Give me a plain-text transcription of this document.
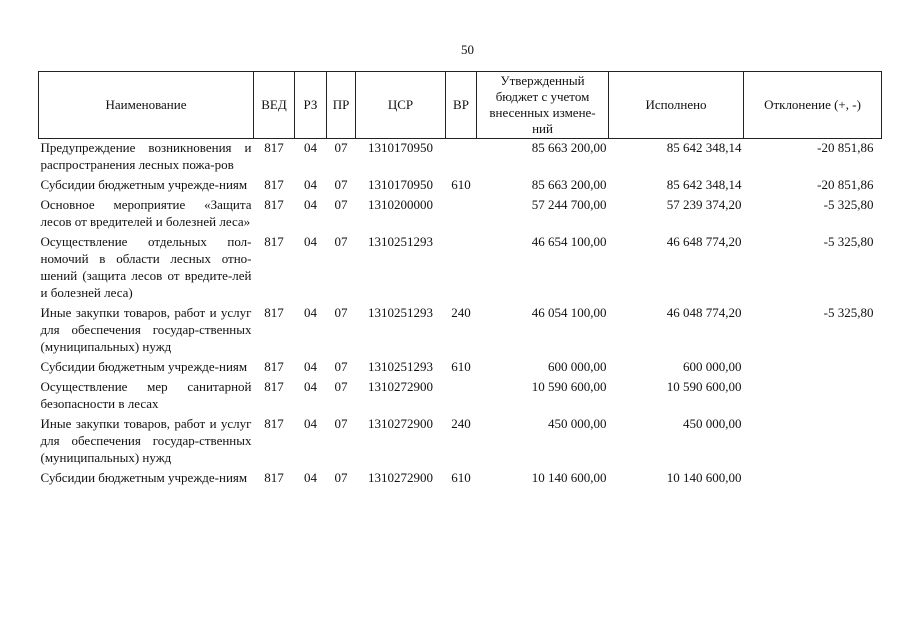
50
Наименование	ВЕД	РЗ	ПР	ЦСР	ВР	Утвержденный бюджет с учетом внесенных измене-ний	Исполнено	Отклонение (+, -)
Предупреждение возникновения и распространения лесных пожа-ров	817	04	07	1310170950		85 663 200,00	85 642 348,14	-20 851,86
Субсидии бюджетным учрежде-ниям	817	04	07	1310170950	610	85 663 200,00	85 642 348,14	-20 851,86
Основное мероприятие «Защита лесов от вредителей и болезней леса»	817	04	07	1310200000		57 244 700,00	57 239 374,20	-5 325,80
Осуществление отдельных пол-номочий в области лесных отно-шений (защита лесов от вредите-лей и болезней леса)	817	04	07	1310251293		46 654 100,00	46 648 774,20	-5 325,80
Иные закупки товаров, работ и услуг для обеспечения государ-ственных (муниципальных) нужд	817	04	07	1310251293	240	46 054 100,00	46 048 774,20	-5 325,80
Субсидии бюджетным учрежде-ниям	817	04	07	1310251293	610	600 000,00	600 000,00	
Осуществление мер санитарной безопасности в лесах	817	04	07	1310272900		10 590 600,00	10 590 600,00	
Иные закупки товаров, работ и услуг для обеспечения государ-ственных (муниципальных) нужд	817	04	07	1310272900	240	450 000,00	450 000,00	
Субсидии бюджетным учрежде-ниям	817	04	07	1310272900	610	10 140 600,00	10 140 600,00	
